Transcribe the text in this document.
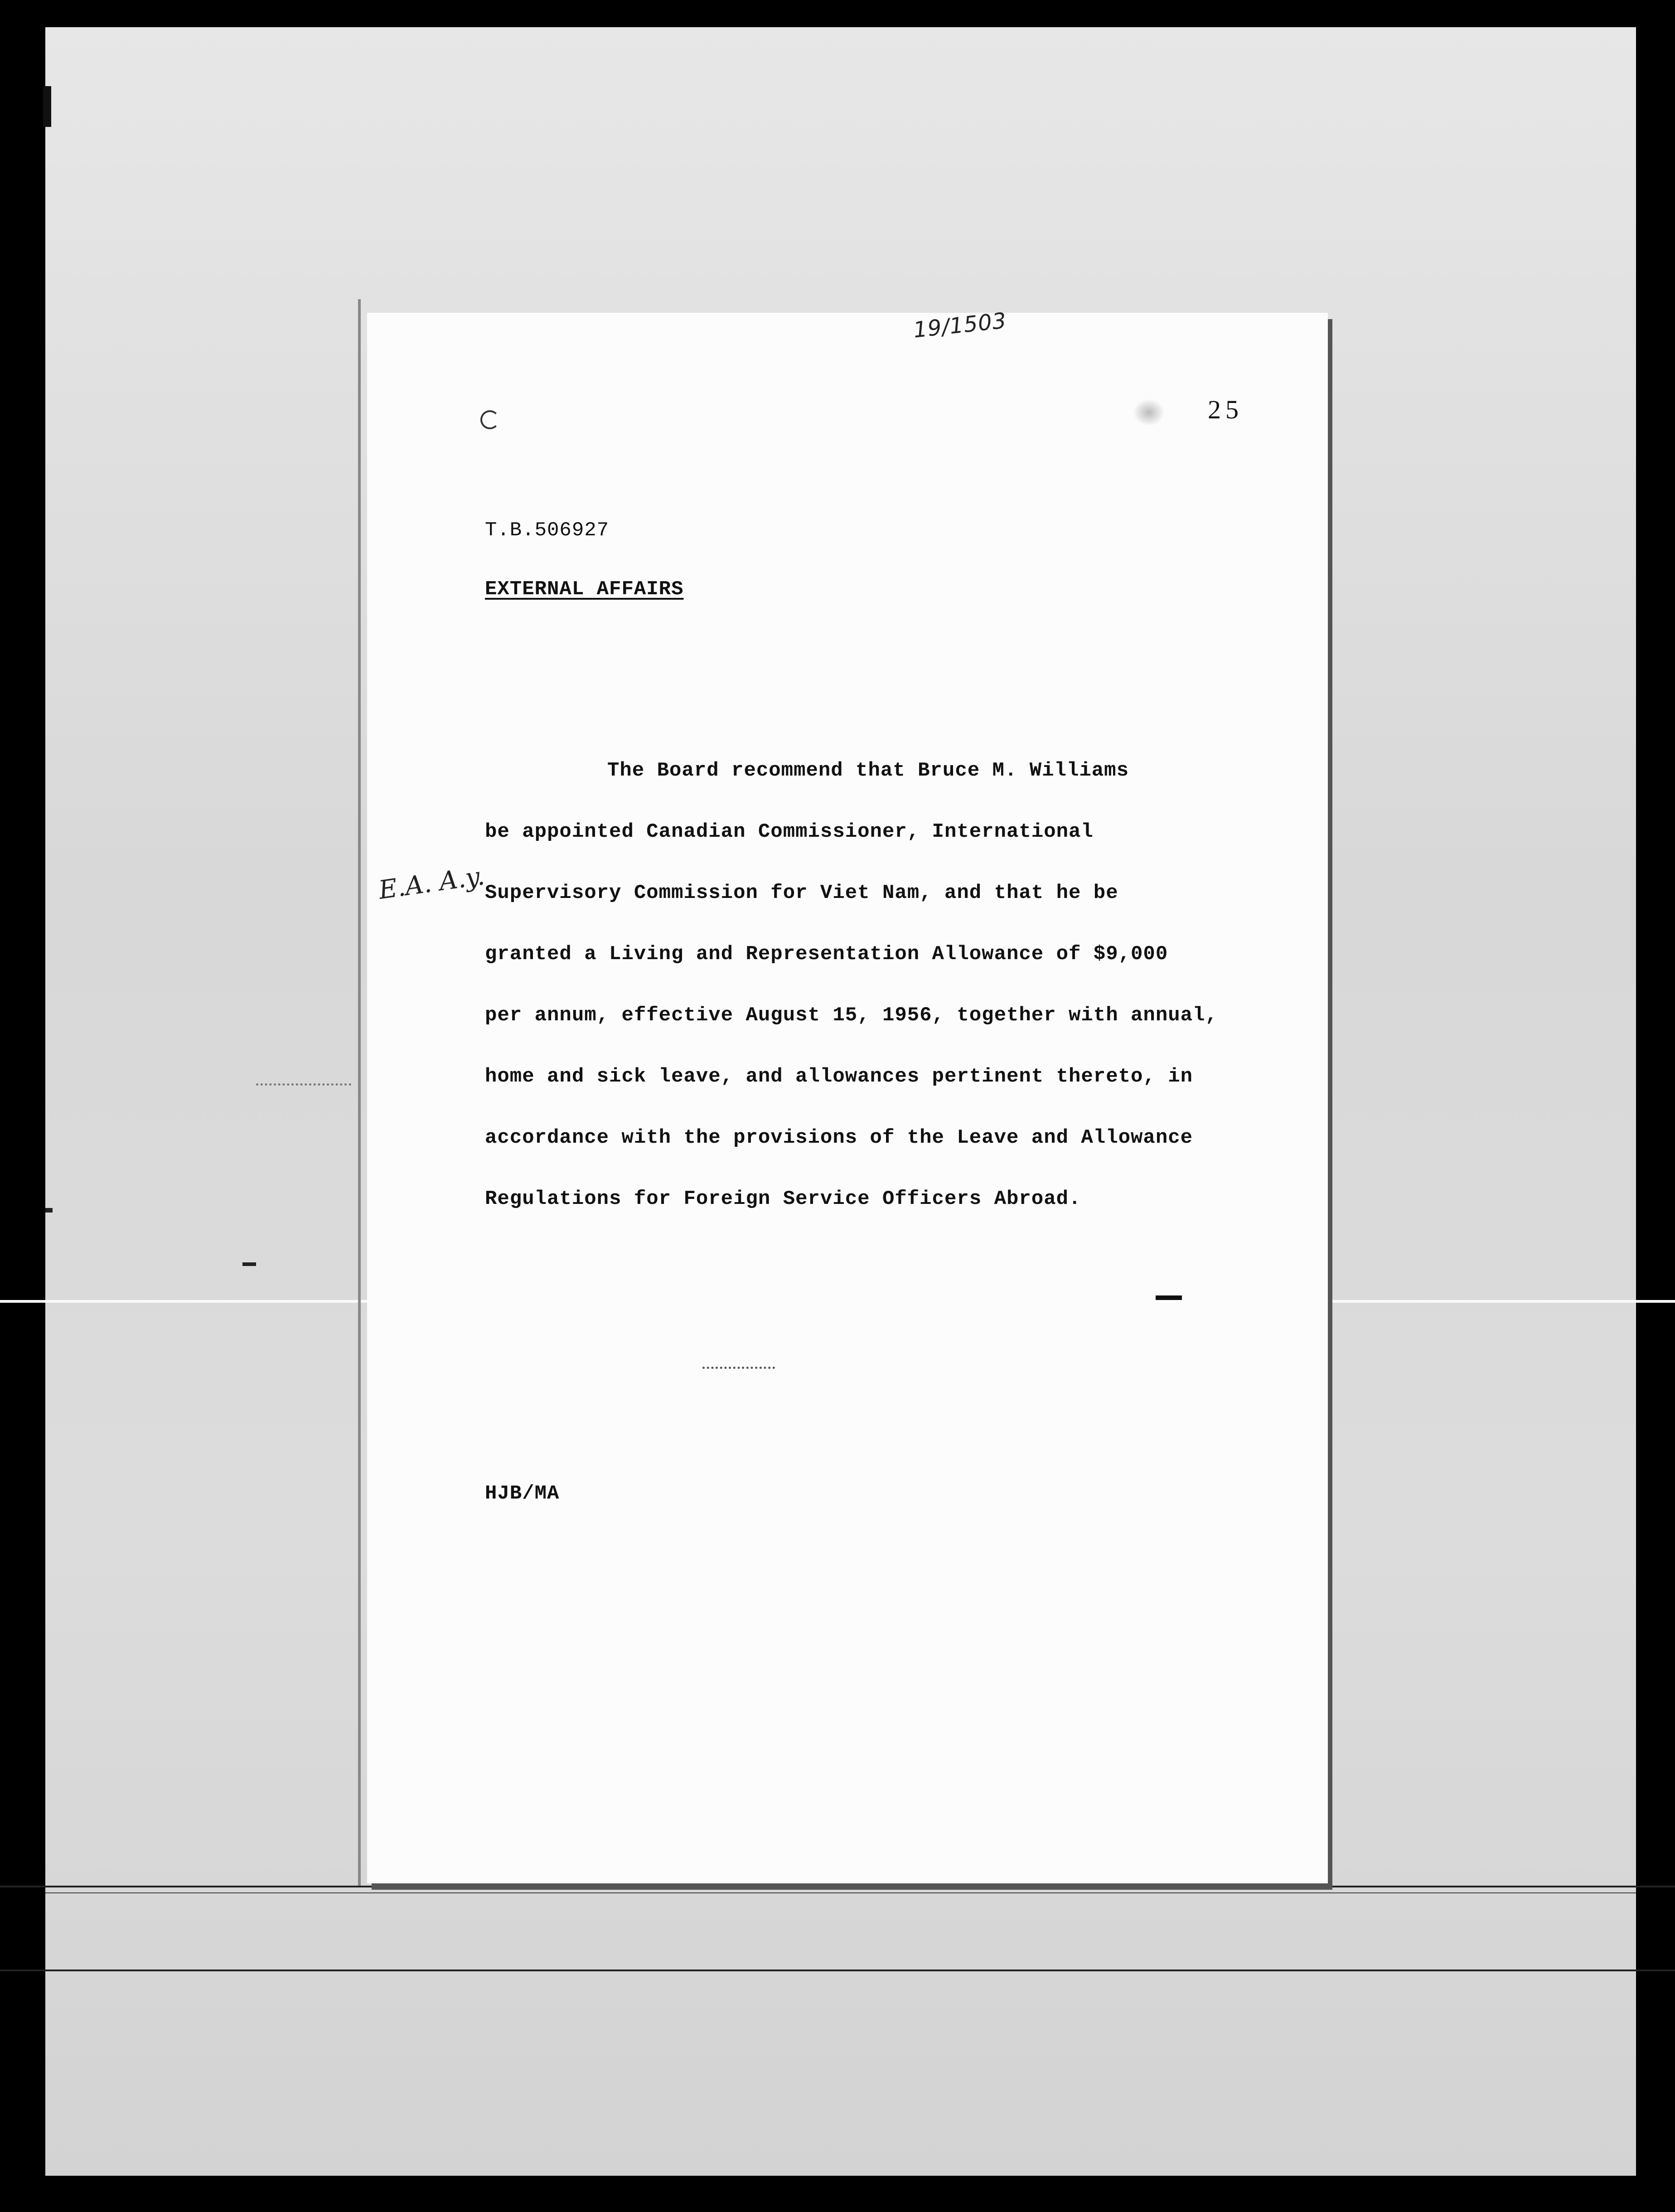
19/1503
25
T.B.506927
EXTERNAL AFFAIRS
The Board recommend that Bruce M. Williams
be appointed Canadian Commissioner, International
Supervisory Commission for Viet Nam, and that he be
granted a Living and Representation Allowance of $9,000
per annum, effective August 15, 1956, together with annual,
home and sick leave, and allowances pertinent thereto, in
accordance with the provisions of the Leave and Allowance
Regulations for Foreign Service Officers Abroad.
HJB/MA
E.A. A.y.
